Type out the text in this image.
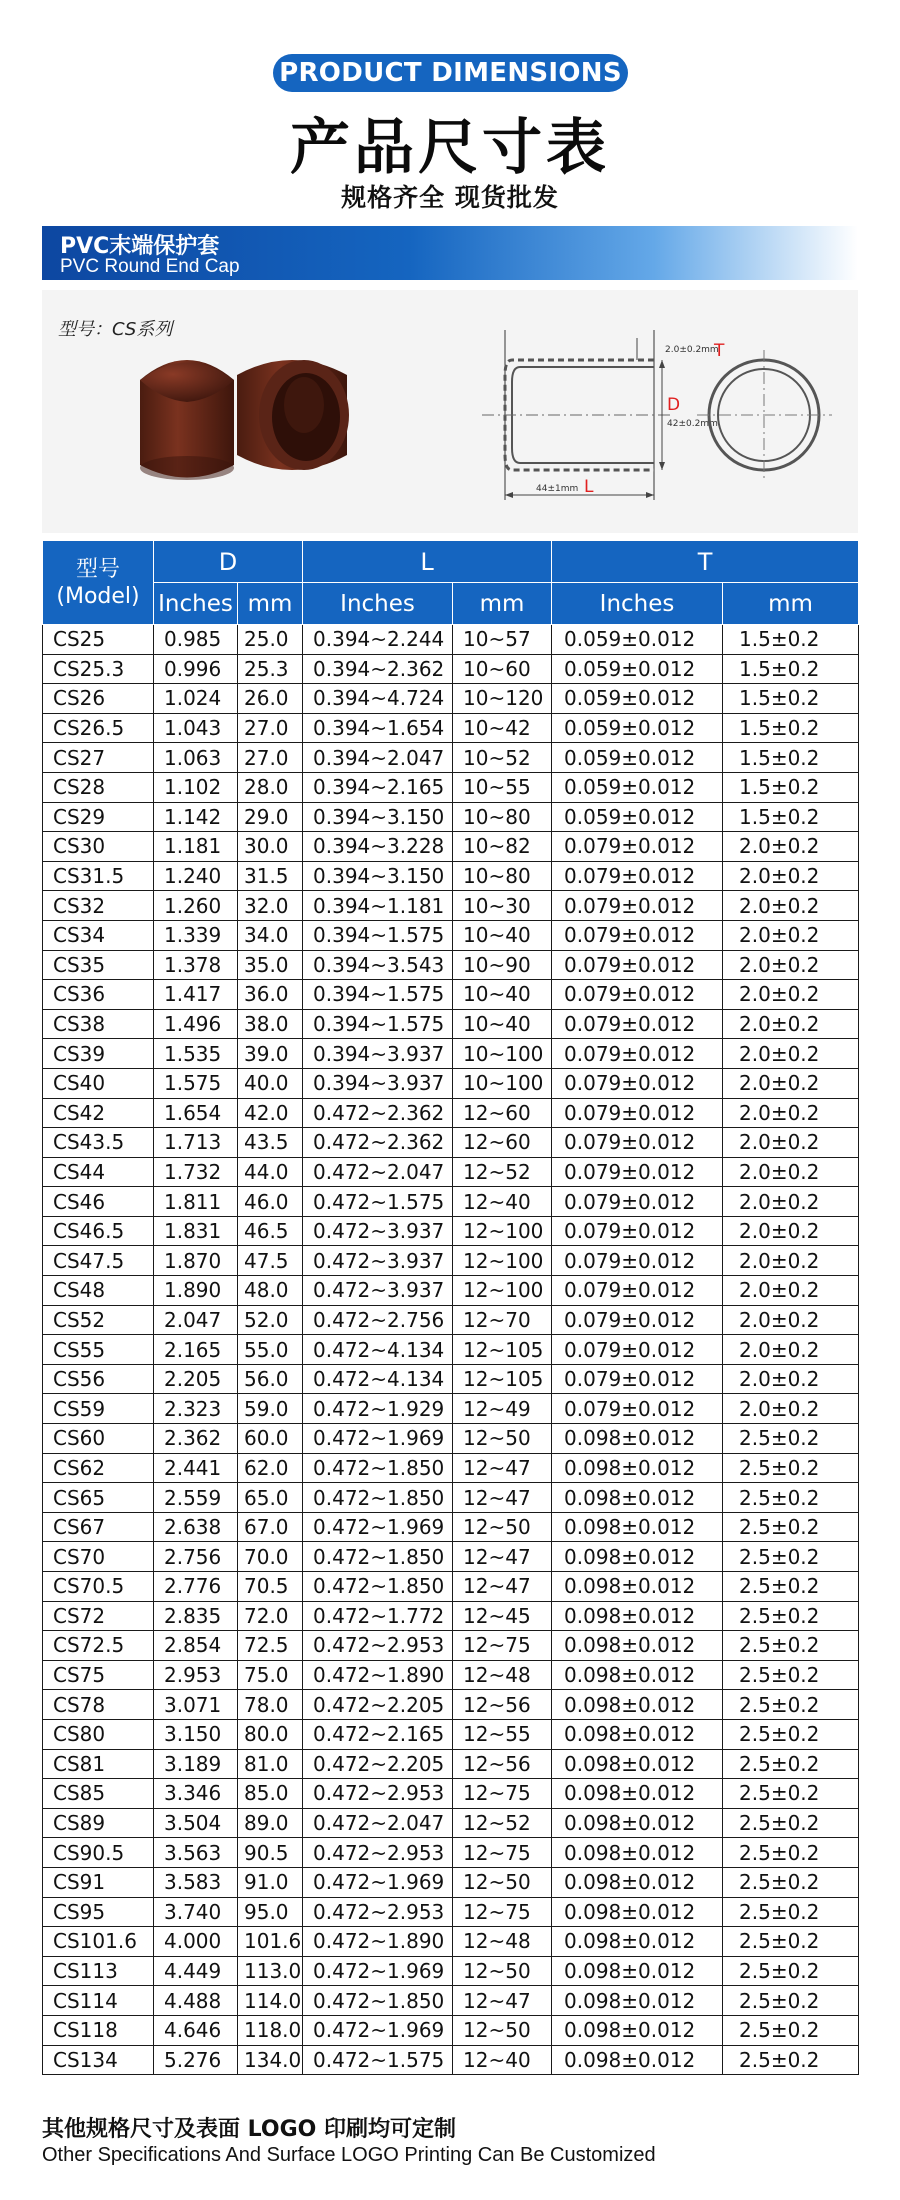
PRODUCT DIMENSIONS
产品尺寸表
规格齐全 现货批发
PVC末端保护套
PVC Round End Cap
型号：CS系列
2.0±0.2mm
T
D
42±0.2mm
44±1mm L
型号
(Model)	D		L		T	
	Inches	mm	Inches	mm	Inches	mm
CS25	0.985	25.0	0.394~2.244	10~57	0.059±0.012	1.5±0.2
CS25.3	0.996	25.3	0.394~2.362	10~60	0.059±0.012	1.5±0.2
CS26	1.024	26.0	0.394~4.724	10~120	0.059±0.012	1.5±0.2
CS26.5	1.043	27.0	0.394~1.654	10~42	0.059±0.012	1.5±0.2
CS27	1.063	27.0	0.394~2.047	10~52	0.059±0.012	1.5±0.2
CS28	1.102	28.0	0.394~2.165	10~55	0.059±0.012	1.5±0.2
CS29	1.142	29.0	0.394~3.150	10~80	0.059±0.012	1.5±0.2
CS30	1.181	30.0	0.394~3.228	10~82	0.079±0.012	2.0±0.2
CS31.5	1.240	31.5	0.394~3.150	10~80	0.079±0.012	2.0±0.2
CS32	1.260	32.0	0.394~1.181	10~30	0.079±0.012	2.0±0.2
CS34	1.339	34.0	0.394~1.575	10~40	0.079±0.012	2.0±0.2
CS35	1.378	35.0	0.394~3.543	10~90	0.079±0.012	2.0±0.2
CS36	1.417	36.0	0.394~1.575	10~40	0.079±0.012	2.0±0.2
CS38	1.496	38.0	0.394~1.575	10~40	0.079±0.012	2.0±0.2
CS39	1.535	39.0	0.394~3.937	10~100	0.079±0.012	2.0±0.2
CS40	1.575	40.0	0.394~3.937	10~100	0.079±0.012	2.0±0.2
CS42	1.654	42.0	0.472~2.362	12~60	0.079±0.012	2.0±0.2
CS43.5	1.713	43.5	0.472~2.362	12~60	0.079±0.012	2.0±0.2
CS44	1.732	44.0	0.472~2.047	12~52	0.079±0.012	2.0±0.2
CS46	1.811	46.0	0.472~1.575	12~40	0.079±0.012	2.0±0.2
CS46.5	1.831	46.5	0.472~3.937	12~100	0.079±0.012	2.0±0.2
CS47.5	1.870	47.5	0.472~3.937	12~100	0.079±0.012	2.0±0.2
CS48	1.890	48.0	0.472~3.937	12~100	0.079±0.012	2.0±0.2
CS52	2.047	52.0	0.472~2.756	12~70	0.079±0.012	2.0±0.2
CS55	2.165	55.0	0.472~4.134	12~105	0.079±0.012	2.0±0.2
CS56	2.205	56.0	0.472~4.134	12~105	0.079±0.012	2.0±0.2
CS59	2.323	59.0	0.472~1.929	12~49	0.079±0.012	2.0±0.2
CS60	2.362	60.0	0.472~1.969	12~50	0.098±0.012	2.5±0.2
CS62	2.441	62.0	0.472~1.850	12~47	0.098±0.012	2.5±0.2
CS65	2.559	65.0	0.472~1.850	12~47	0.098±0.012	2.5±0.2
CS67	2.638	67.0	0.472~1.969	12~50	0.098±0.012	2.5±0.2
CS70	2.756	70.0	0.472~1.850	12~47	0.098±0.012	2.5±0.2
CS70.5	2.776	70.5	0.472~1.850	12~47	0.098±0.012	2.5±0.2
CS72	2.835	72.0	0.472~1.772	12~45	0.098±0.012	2.5±0.2
CS72.5	2.854	72.5	0.472~2.953	12~75	0.098±0.012	2.5±0.2
CS75	2.953	75.0	0.472~1.890	12~48	0.098±0.012	2.5±0.2
CS78	3.071	78.0	0.472~2.205	12~56	0.098±0.012	2.5±0.2
CS80	3.150	80.0	0.472~2.165	12~55	0.098±0.012	2.5±0.2
CS81	3.189	81.0	0.472~2.205	12~56	0.098±0.012	2.5±0.2
CS85	3.346	85.0	0.472~2.953	12~75	0.098±0.012	2.5±0.2
CS89	3.504	89.0	0.472~2.047	12~52	0.098±0.012	2.5±0.2
CS90.5	3.563	90.5	0.472~2.953	12~75	0.098±0.012	2.5±0.2
CS91	3.583	91.0	0.472~1.969	12~50	0.098±0.012	2.5±0.2
CS95	3.740	95.0	0.472~2.953	12~75	0.098±0.012	2.5±0.2
CS101.6	4.000	101.6	0.472~1.890	12~48	0.098±0.012	2.5±0.2
CS113	4.449	113.0	0.472~1.969	12~50	0.098±0.012	2.5±0.2
CS114	4.488	114.0	0.472~1.850	12~47	0.098±0.012	2.5±0.2
CS118	4.646	118.0	0.472~1.969	12~50	0.098±0.012	2.5±0.2
CS134	5.276	134.0	0.472~1.575	12~40	0.098±0.012	2.5±0.2
其他规格尺寸及表面 LOGO 印刷均可定制
Other Specifications And Surface LOGO Printing Can Be Customized
